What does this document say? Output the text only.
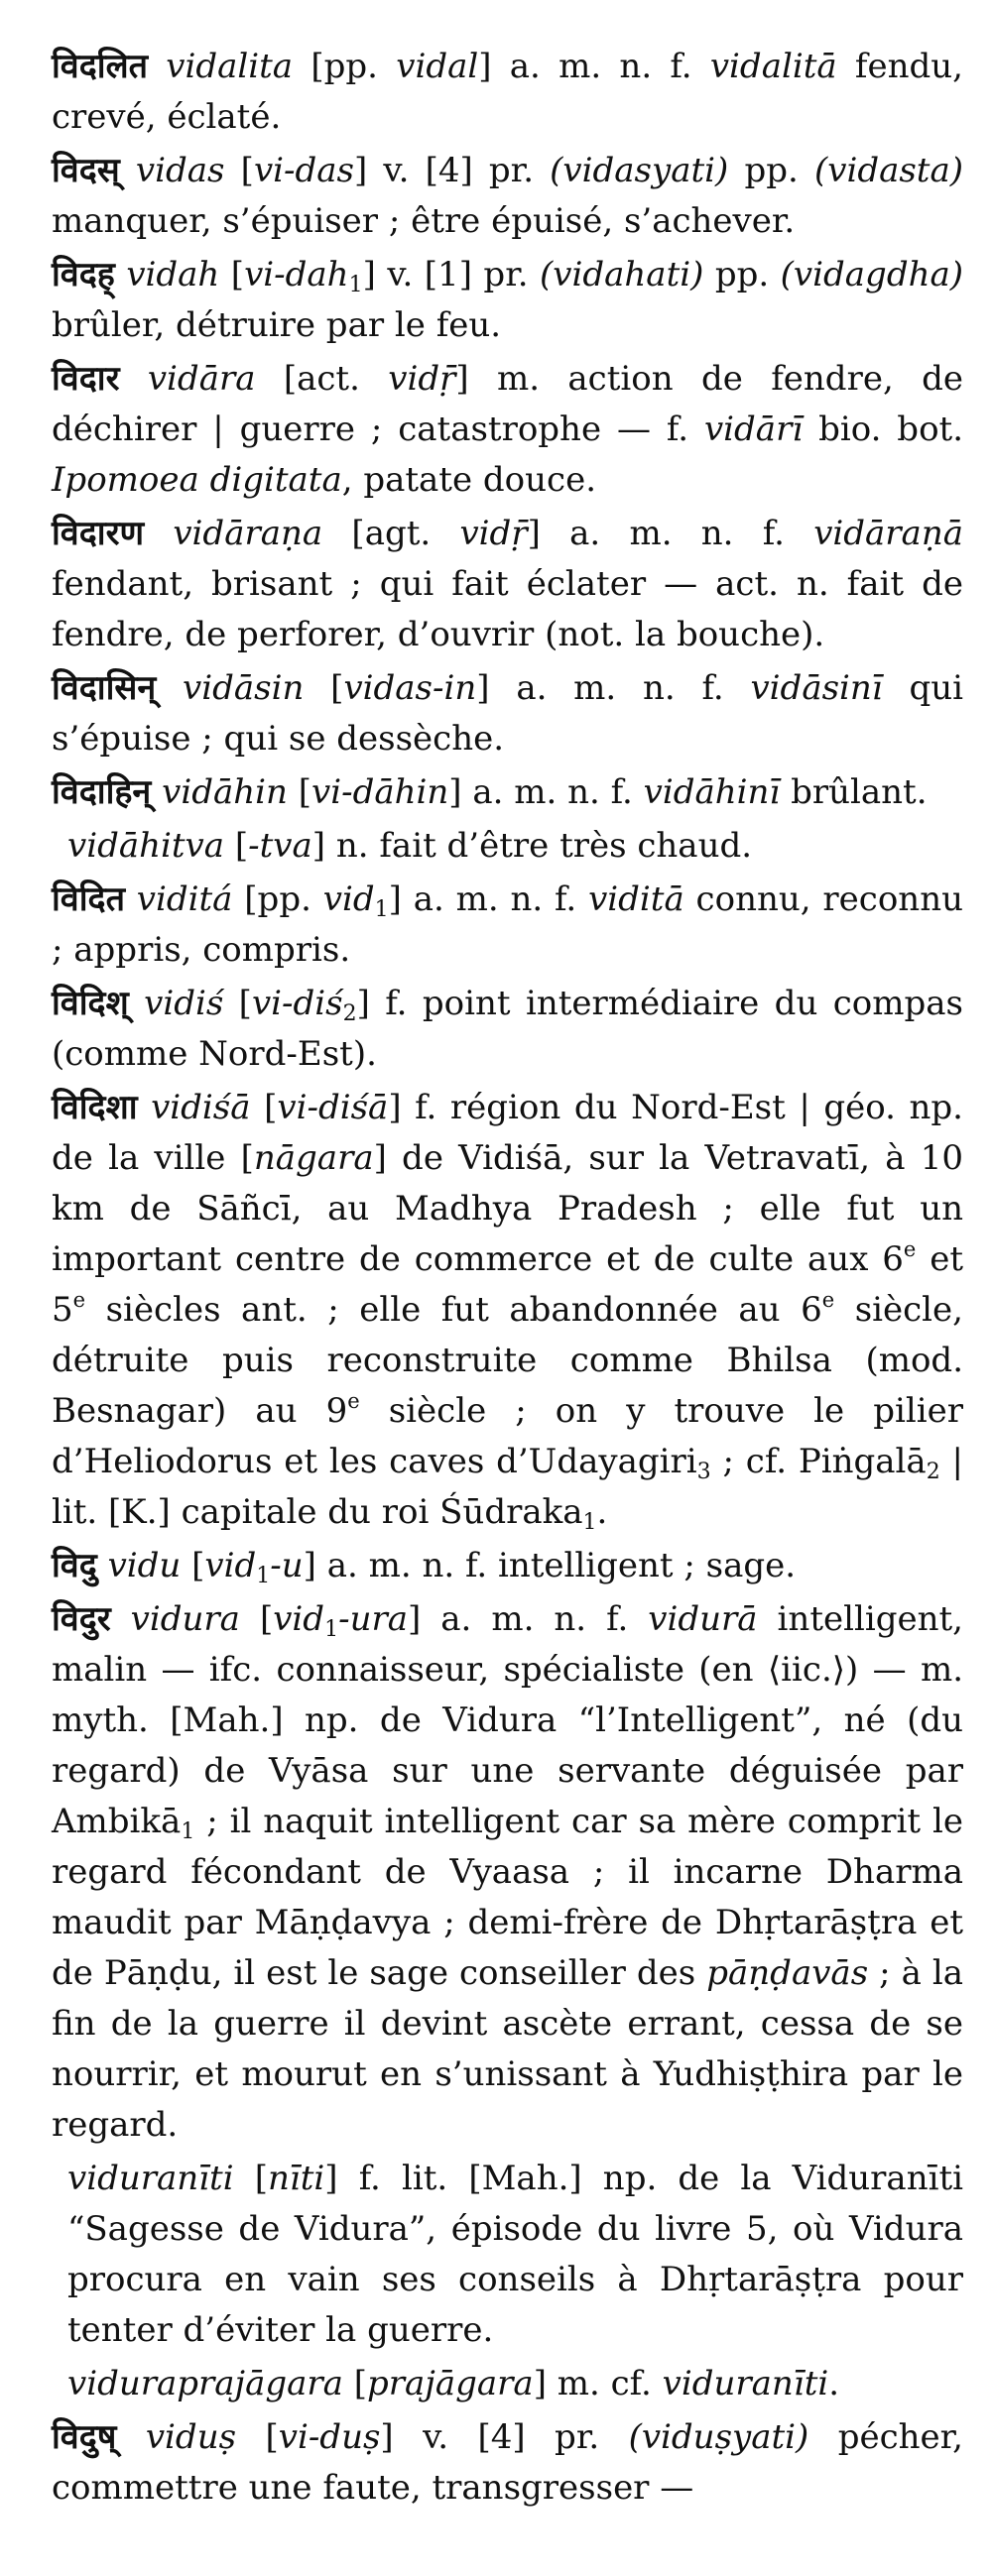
विदलित vidalita [pp. vidal] a. m. n. f. vidalitā fendu, crevé, éclaté.

विदस् vidas [vi-das] v. [4] pr. (vidasyati) pp. (vidasta) manquer, s’épuiser ; être épuisé, s’achever.

विदह् vidah [vi-dah$_1$] v. [1] pr. (vidahati) pp. (vidagdha) brûler, détruire par le feu.

विदार vidāra [act. vidṝ] m. action de fendre, de déchirer | guerre ; catastrophe — f. vidārī bio. bot. Ipomoea digitata, patate douce.

विदारण vidāraṇa [agt. vidṝ] a. m. n. f. vidāraṇā fendant, brisant ; qui fait éclater — act. n. fait de fendre, de perforer, d’ouvrir (not. la bouche).

विदासिन् vidāsin [vidas-in] a. m. n. f. vidāsinī qui s’épuise ; qui se dessèche.

विदाहिन् vidāhin [vi-dāhin] a. m. n. f. vidāhinī brûlant.

vidāhitva [-tva] n. fait d’être très chaud.

विदित viditá [pp. vid$_1$] a. m. n. f. viditā connu, reconnu ; appris, compris.

विदिश् vidiś [vi-diś$_2$] f. point intermédiaire du compas (comme Nord-Est).

विदिशा vidiśā [vi-diśā] f. région du Nord-Est | géo. np. de la ville [nāgara] de Vidiśā, sur la Vetravatī, à 10 km de Sāñcī, au Madhya Pradesh ; elle fut un important centre de commerce et de culte aux 6e et 5e siècles ant. ; elle fut abandonnée au 6e siècle, détruite puis reconstruite comme Bhilsa (mod. Besnagar) au 9e siècle ; on y trouve le pilier d’Heliodorus et les caves d’Udayagiri$_3$ ; cf. Piṅgalā$_2$ | lit. [K.] capitale du roi Śūdraka$_1$.

विदु vidu [vid$_1$-u] a. m. n. f. intelligent ; sage.

विदुर vidura [vid$_1$-ura] a. m. n. f. vidurā intelligent, malin — ifc. connaisseur, spécialiste (en ⟨iic.⟩) — m. myth. [Mah.] np. de Vidura “l’Intelligent”, né (du regard) de Vyāsa sur une servante déguisée par Ambikā$_1$ ; il naquit intelligent car sa mère comprit le regard fécondant de Vyaasa ; il incarne Dharma maudit par Māṇḍavya ; demi-frère de Dhṛtarāṣṭra et de Pāṇḍu, il est le sage conseiller des pāṇḍavās ; à la fin de la guerre il devint ascète errant, cessa de se nourrir, et mourut en s’unissant à Yudhiṣṭhira par le regard.

viduranīti [nīti] f. lit. [Mah.] np. de la Viduranīti “Sagesse de Vidura”, épisode du livre 5, où Vidura procura en vain ses conseils à Dhṛtarāṣṭra pour tenter d’éviter la guerre.

viduraprajāgara [prajāgara] m. cf. viduranīti.

विदुष् viduṣ [vi-duṣ] v. [4] pr. (viduṣyati) pécher, commettre une faute, transgresser —
